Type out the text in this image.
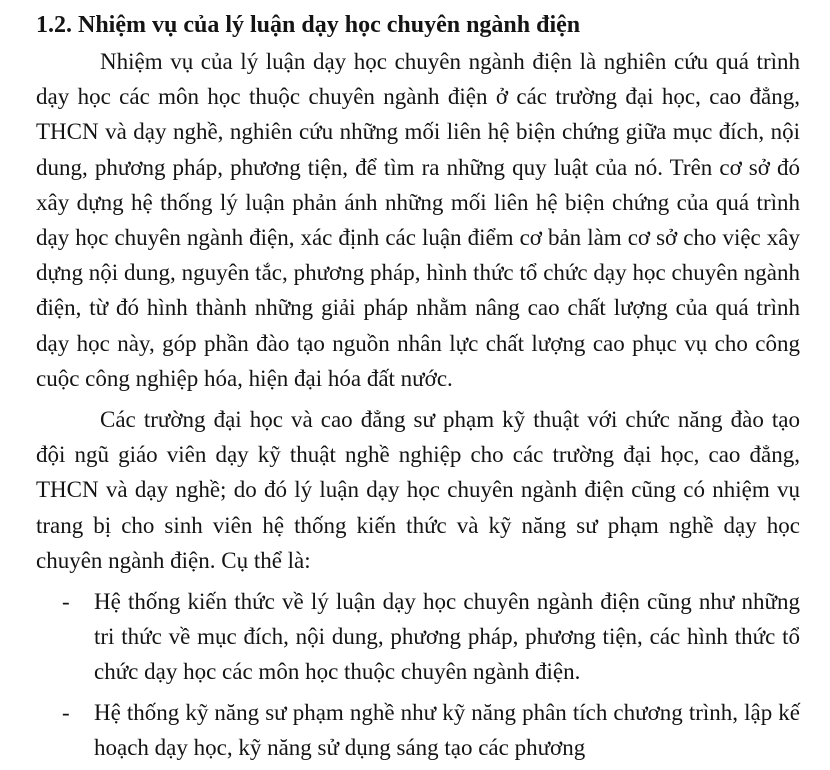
1.2. Nhiệm vụ của lý luận dạy học chuyên ngành điện

Nhiệm vụ của lý luận dạy học chuyên ngành điện là nghiên cứu quá trình dạy học các môn học thuộc chuyên ngành điện ở các trường đại học, cao đẳng, THCN và dạy nghề, nghiên cứu những mối liên hệ biện chứng giữa mục đích, nội dung, phương pháp, phương tiện, để tìm ra những quy luật của nó. Trên cơ sở đó xây dựng hệ thống lý luận phản ánh những mối liên hệ biện chứng của quá trình dạy học chuyên ngành điện, xác định các luận điểm cơ bản làm cơ sở cho việc xây dựng nội dung, nguyên tắc, phương pháp, hình thức tổ chức dạy học chuyên ngành điện, từ đó hình thành những giải pháp nhằm nâng cao chất lượng của quá trình dạy học này, góp phần đào tạo nguồn nhân lực chất lượng cao phục vụ cho công cuộc công nghiệp hóa, hiện đại hóa đất nước.

Các trường đại học và cao đẳng sư phạm kỹ thuật với chức năng đào tạo đội ngũ giáo viên dạy kỹ thuật nghề nghiệp cho các trường đại học, cao đẳng, THCN và dạy nghề; do đó lý luận dạy học chuyên ngành điện cũng có nhiệm vụ trang bị cho sinh viên hệ thống kiến thức và kỹ năng sư phạm nghề dạy học chuyên ngành điện. Cụ thể là:

- Hệ thống kiến thức về lý luận dạy học chuyên ngành điện cũng như những tri thức về mục đích, nội dung, phương pháp, phương tiện, các hình thức tổ chức dạy học các môn học thuộc chuyên ngành điện.
- Hệ thống kỹ năng sư phạm nghề như kỹ năng phân tích chương trình, lập kế hoạch dạy học, kỹ năng sử dụng sáng tạo các phương
